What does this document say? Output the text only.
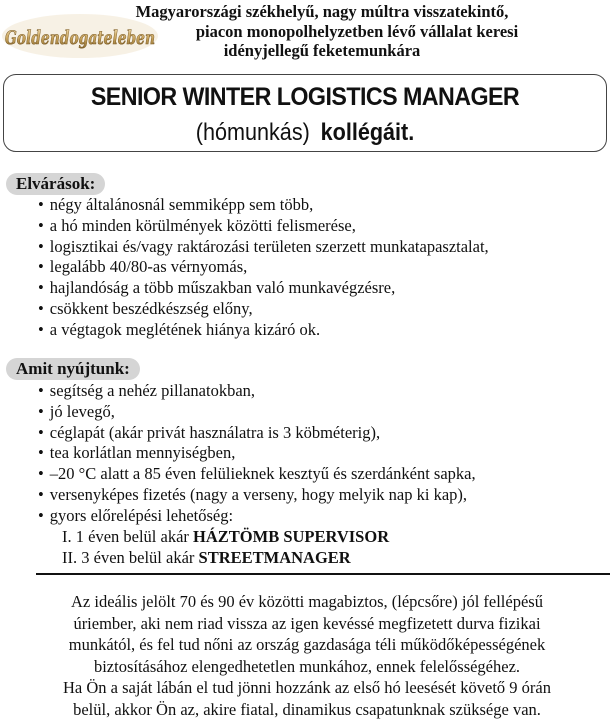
Goldendogateleben
Magyarországi székhelyű, nagy múltra visszatekintő,
piacon monopolhelyzetben lévő vállalat keresi
idényjellegű feketemunkára
SENIOR WINTER LOGISTICS MANAGER
(hómunkás) kollégáit.
Elvárások:
• négy általánosnál semmiképp sem több,
• a hó minden körülmények közötti felismerése,
• logisztikai és/vagy raktározási területen szerzett munkatapasztalat,
• legalább 40/80-as vérnyomás,
• hajlandóság a több műszakban való munkavégzésre,
• csökkent beszédkészség előny,
• a végtagok meglétének hiánya kizáró ok.
Amit nyújtunk:
• segítség a nehéz pillanatokban,
• jó levegő,
• céglapát (akár privát használatra is 3 köbméterig),
• tea korlátlan mennyiségben,
• –20 °C alatt a 85 éven felülieknek kesztyű és szerdánként sapka,
• versenyképes fizetés (nagy a verseny, hogy melyik nap ki kap),
• gyors előrelépési lehetőség:
I. 1 éven belül akár HÁZTÖMB SUPERVISOR
II. 3 éven belül akár STREETMANAGER
Az ideális jelölt 70 és 90 év közötti magabiztos, (lépcsőre) jól fellépésű
úriember, aki nem riad vissza az igen kevéssé megfizetett durva fizikai
munkától, és fel tud nőni az ország gazdasága téli működőképességének
biztosításához elengedhetetlen munkához, ennek felelősségéhez.
Ha Ön a saját lábán el tud jönni hozzánk az első hó leesését követő 9 órán
belül, akkor Ön az, akire fiatal, dinamikus csapatunknak szüksége van.
